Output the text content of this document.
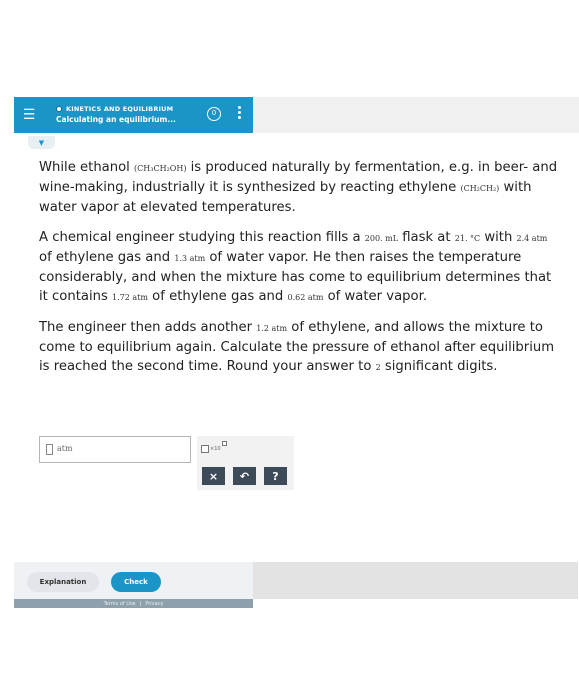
☰	KINETICS AND EQUILIBRIUM
Calculating an equilibrium...
0
▼

While ethanol (CH₃CH₂OH) is produced naturally by fermentation, e.g. in beer- and wine-making, industrially it is synthesized by reacting ethylene (CH₂CH₂) with water vapor at elevated temperatures.

A chemical engineer studying this reaction fills a 200. mL flask at 21. °C with 2.4 atm of ethylene gas and 1.3 atm of water vapor. He then raises the temperature considerably, and when the mixture has come to equilibrium determines that it contains 1.72 atm of ethylene gas and 0.62 atm of water vapor.

The engineer then adds another 1.2 atm of ethylene, and allows the mixture to come to equilibrium again. Calculate the pressure of ethanol after equilibrium is reached the second time. Round your answer to 2 significant digits.

atm	×10
×	↶	?
Explanation	Check
Terms of Use | Privacy
